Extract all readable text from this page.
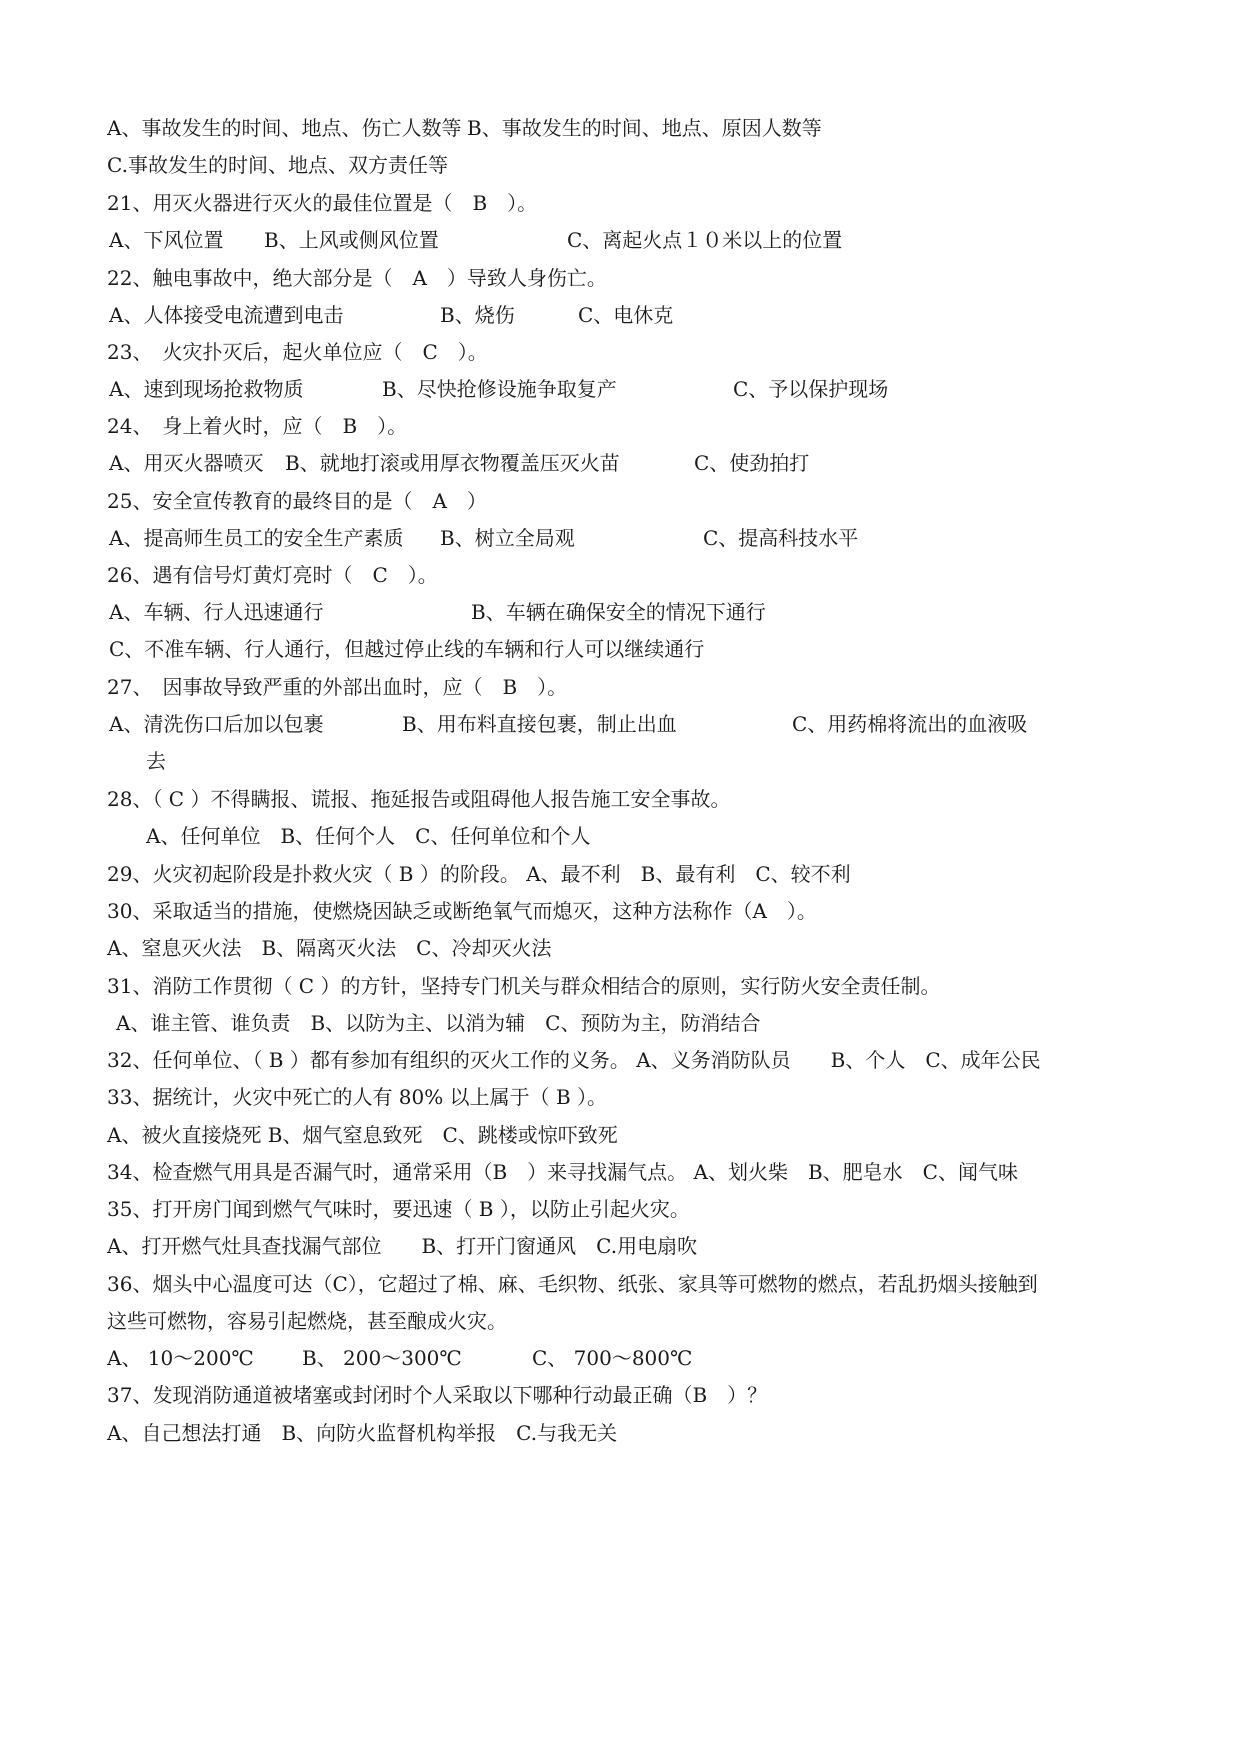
A、事故发生的时间、地点、伤亡人数等

B、事故发生的时间、地点、原因人数等

C.事故发生的时间、地点、双方责任等

21、用灭火器进行灭火的最佳位置是（　B　）。

A、下风位置

B、上风或侧风位置

	C、离起火点１０米以上的位置

22、触电事故中，绝大部分是（　A　）导致人身伤亡。

A、人体接受电流遭到电击

	B、烧伤

	C、电休克

23、　火灾扑灭后，起火单位应（　C　）。

A、速到现场抢救物质

	B、尽快抢修设施争取复产

	C、予以保护现场

24、　身上着火时，应（　B　）。

A、用灭火器喷灭

B、就地打滚或用厚衣物覆盖压灭火苗

	C、使劲拍打

25、安全宣传教育的最终目的是（　A　）

A、提高师生员工的安全生产素质

B、树立全局观

	C、提高科技水平

26、遇有信号灯黄灯亮时（　C　）。

A、车辆、行人迅速通行

	B、车辆在确保安全的情况下通行

C、不准车辆、行人通行，但越过停止线的车辆和行人可以继续通行

27、　因事故导致严重的外部出血时，应（　B　）。

A、清洗伤口后加以包裹

	B、用布料直接包裹，制止出血

	C、用药棉将流出的血液吸

去

28、（ C ）不得瞒报、谎报、拖延报告或阻碍他人报告施工安全事故。

A、任何单位　B、任何个人　C、任何单位和个人

29、火灾初起阶段是扑救火灾（ B ）的阶段。 A、最不利　B、最有利　C、较不利

30、采取适当的措施，使燃烧因缺乏或断绝氧气而熄灭，这种方法称作（A　）。

A、窒息灭火法　B、隔离灭火法　C、冷却灭火法

31、消防工作贯彻（ C ）的方针，坚持专门机关与群众相结合的原则，实行防火安全责任制。

A、谁主管、谁负责　B、以防为主、以消为辅　C、预防为主，防消结合

32、任何单位、（ B ）都有参加有组织的灭火工作的义务。 A、义务消防队员　　B、个人　C、成年公民

33、据统计，火灾中死亡的人有 80% 以上属于（ B ）。

A、被火直接烧死 B、烟气窒息致死　C、跳楼或惊吓致死

34、检查燃气用具是否漏气时，通常采用（B　）来寻找漏气点。 A、划火柴　B、肥皂水　C、闻气味

35、打开房门闻到燃气气味时，要迅速（ B ），以防止引起火灾。

A、打开燃气灶具查找漏气部位　　B、打开门窗通风　C.用电扇吹

36、烟头中心温度可达（C），它超过了棉、麻、毛织物、纸张、家具等可燃物的燃点，若乱扔烟头接触到

这些可燃物，容易引起燃烧，甚至酿成火灾。

A、 10～200℃

B、 200～300℃

	C、 700～800℃

37、发现消防通道被堵塞或封闭时个人采取以下哪种行动最正确（B　）？

A、自己想法打通　B、向防火监督机构举报　C.与我无关
